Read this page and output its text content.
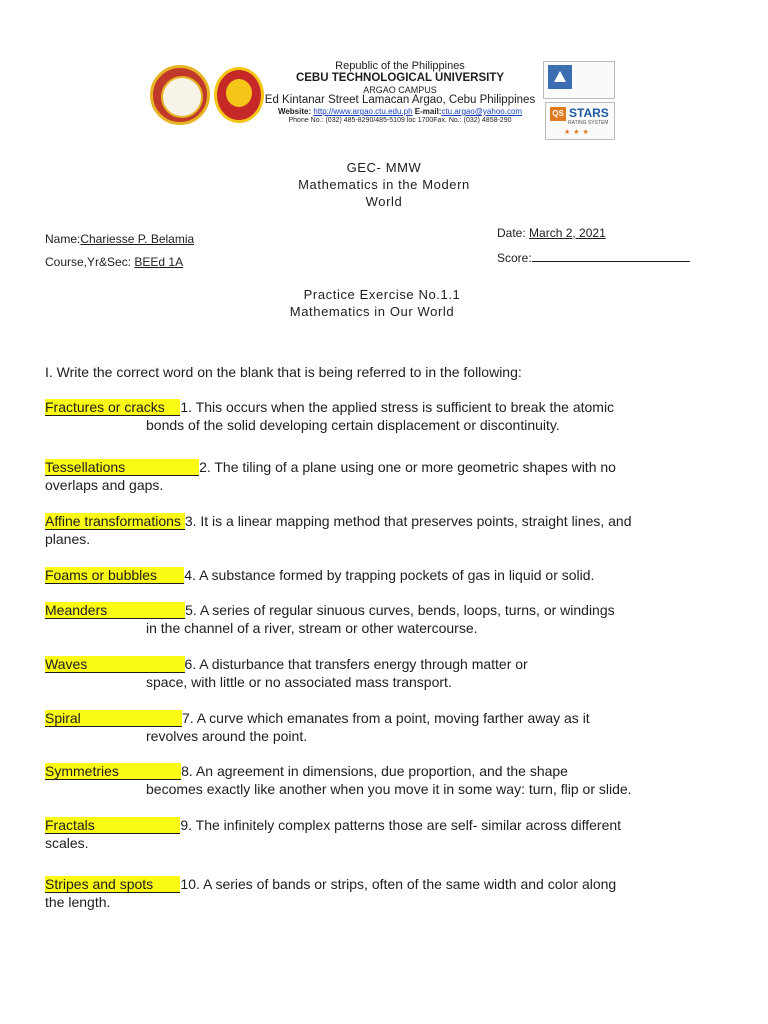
Republic of the Philippines
CEBU TECHNOLOGICAL UNIVERSITY
ARGAO CAMPUS
Ed Kintanar Street Lamacan Argao, Cebu Philippines
Website: http://www.argao.ctu.edu.ph E-mail:ctu.argao@yahoo.com
Phone No.: (032) 485-8290/485-5109 loc 1700Fax. No.: (032) 4858-290
QS STARS
RATING SYSTEM
★★★
GEC- MMW
Mathematics in the Modern
World
Name:Chariesse P. Belamia
Course,Yr&Sec: BEEd 1A
Date: March 2, 2021
Score:
Practice Exercise No.1.1
Mathematics in Our World
I. Write the correct word on the blank that is being referred to in the following:
Fractures or cracks    1. This occurs when the applied stress is sufficient to break the atomic
bonds of the solid developing certain displacement or discontinuity.
Tessellations                   2. The tiling of a plane using one or more geometric shapes with no
overlaps and gaps.
Affine transformations 3. It is a linear mapping method that preserves points, straight lines, and
planes.
Foams or bubbles       4. A substance formed by trapping pockets of gas in liquid or solid.
Meanders                    5. A series of regular sinuous curves, bends, loops, turns, or windings
in the channel of a river, stream or other watercourse.
Waves                         6. A disturbance that transfers energy through matter or
space, with little or no associated mass transport.
Spiral                          7. A curve which emanates from a point, moving farther away as it
revolves around the point.
Symmetries                8. An agreement in dimensions, due proportion, and the shape
becomes exactly like another when you move it in some way: turn, flip or slide.
Fractals                      9. The infinitely complex patterns those are self- similar across different
scales.
Stripes and spots       10. A series of bands or strips, often of the same width and color along
the length.
